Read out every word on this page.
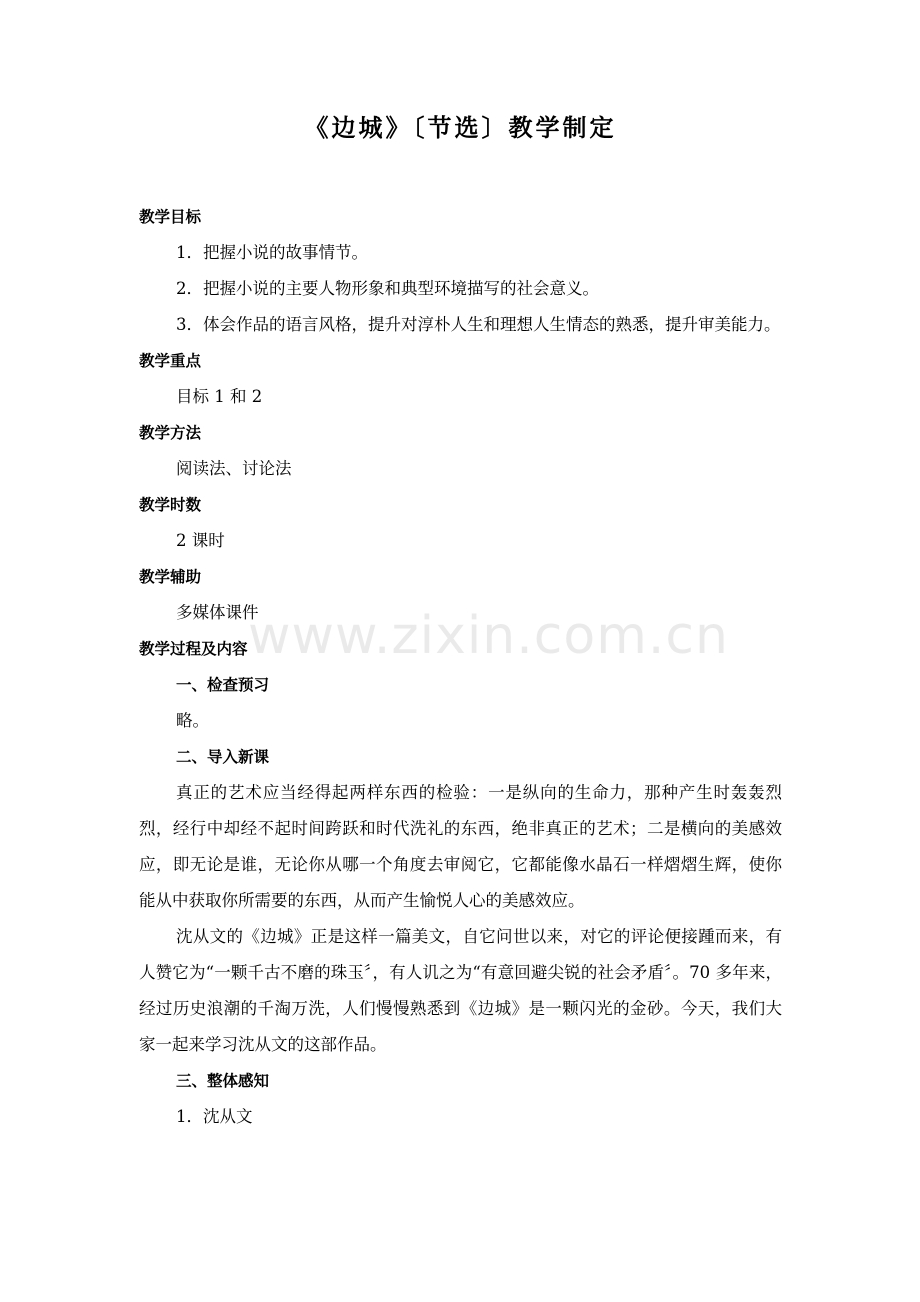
www.zixin.com.cn
《边城》〔节选〕教学制定

教学目标

1．把握小说的故事情节。

2．把握小说的主要人物形象和典型环境描写的社会意义。

3．体会作品的语言风格，提升对淳朴人生和理想人生情态的熟悉，提升审美能力。

教学重点

目标 1 和 2

教学方法

阅读法、讨论法

教学时数

2 课时

教学辅助

多媒体课件

教学过程及内容

一、检查预习

略。

二、导入新课

真正的艺术应当经得起两样东西的检验：一是纵向的生命力，那种产生时轰轰烈烈，经行中却经不起时间跨跃和时代洗礼的东西，绝非真正的艺术；二是横向的美感效应，即无论是谁，无论你从哪一个角度去审阅它，它都能像水晶石一样熠熠生辉，使你能从中获取你所需要的东西，从而产生愉悦人心的美感效应。

沈从文的《边城》正是这样一篇美文，自它问世以来，对它的评论便接踵而来，有人赞它为“一颗千古不磨的珠玉〞，有人讥之为“有意回避尖锐的社会矛盾〞。70 多年来，经过历史浪潮的千淘万洗，人们慢慢熟悉到《边城》是一颗闪光的金砂。今天，我们大家一起来学习沈从文的这部作品。

三、整体感知

1．沈从文
